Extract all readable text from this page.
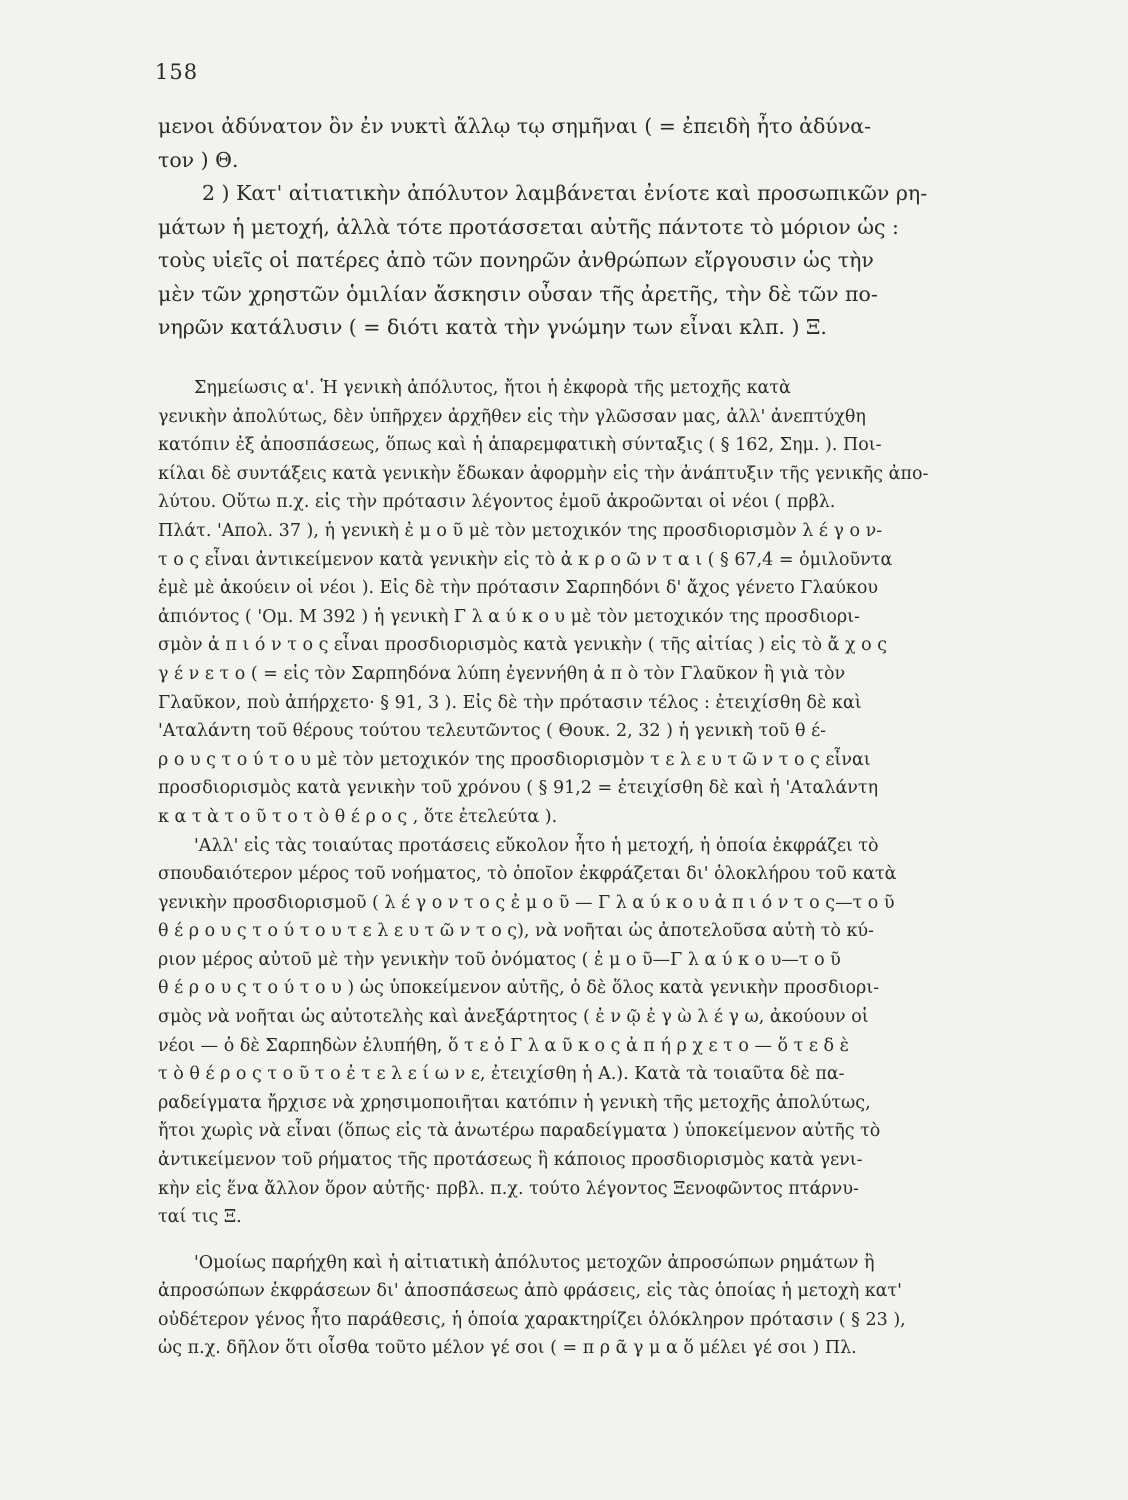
158
μενοι ἀδύνατον ὂν ἐν νυκτὶ ἄλλῳ τῳ σημῆναι ( = ἐπειδὴ ἦτο ἀδύνα-
τον ) Θ.
2 ) Κατ' αἰτιατικὴν ἀπόλυτον λαμβάνεται ἐνίοτε καὶ προσωπικῶν ρη-
μάτων ἡ μετοχή, ἀλλὰ τότε προτάσσεται αὐτῆς πάντοτε τὸ μόριον ὡς :
τοὺς υἱεῖς οἱ πατέρες ἀπὸ τῶν πονηρῶν ἀνθρώπων εἴργουσιν ὡς τὴν
μὲν τῶν χρηστῶν ὁμιλίαν ἄσκησιν οὖσαν τῆς ἀρετῆς, τὴν δὲ τῶν πο-
νηρῶν κατάλυσιν ( = διότι κατὰ τὴν γνώμην των εἶναι κλπ. ) Ξ.
Σημείωσις α'. Ἡ γενικὴ ἀπόλυτος, ἤτοι ἡ ἐκφορὰ τῆς μετοχῆς κατὰ
γενικὴν ἀπολύτως, δὲν ὑπῆρχεν ἀρχῆθεν εἰς τὴν γλῶσσαν μας, ἀλλ' ἀνεπτύχθη
κατόπιν ἐξ ἀποσπάσεως, ὅπως καὶ ἡ ἀπαρεμφατικὴ σύνταξις ( § 162, Σημ. ). Ποι-
κίλαι δὲ συντάξεις κατὰ γενικὴν ἔδωκαν ἀφορμὴν εἰς τὴν ἀνάπτυξιν τῆς γενικῆς ἀπο-
λύτου. Οὕτω π.χ. εἰς τὴν πρότασιν λέγοντος ἐμοῦ ἀκροῶνται οἱ νέοι ( πρβλ.
Πλάτ. 'Απολ. 37 ), ἡ γενικὴ ἐ μ ο ῦ μὲ τὸν μετοχικόν της προσδιορισμὸν λ έ γ ο ν-
τ ο ς εἶναι ἀντικείμενον κατὰ γενικὴν εἰς τὸ ἀ κ ρ ο ῶ ν τ α ι ( § 67,4 = ὁμιλοῦντα
ἐμὲ μὲ ἀκούειν οἱ νέοι ). Εἰς δὲ τὴν πρότασιν Σαρπηδόνι δ' ἄχος γένετο Γλαύκου
ἀπιόντος ( 'Ομ. Μ 392 ) ἡ γενικὴ Γ λ α ύ κ ο υ μὲ τὸν μετοχικόν της προσδιορι-
σμὸν ἀ π ι ό ν τ ο ς εἶναι προσδιορισμὸς κατὰ γενικὴν ( τῆς αἰτίας ) εἰς τὸ ἄ χ ο ς
γ έ ν ε τ ο ( = εἰς τὸν Σαρπηδόνα λύπη ἐγεννήθη ἀ π ὸ τὸν Γλαῦκον ἢ γιὰ τὸν
Γλαῦκον, ποὺ ἀπήρχετο· § 91, 3 ). Εἰς δὲ τὴν πρότασιν τέλος : ἐτειχίσθη δὲ καὶ
'Αταλάντη τοῦ θέρους τούτου τελευτῶντος ( Θουκ. 2, 32 ) ἡ γενικὴ τοῦ θ έ-
ρ ο υ ς τ ο ύ τ ο υ μὲ τὸν μετοχικόν της προσδιορισμὸν τ ε λ ε υ τ ῶ ν τ ο ς εἶναι
προσδιορισμὸς κατὰ γενικὴν τοῦ χρόνου ( § 91,2 = ἐτειχίσθη δὲ καὶ ἡ 'Αταλάντη
κ α τ ὰ τ ο ῦ τ ο τ ὸ θ έ ρ ο ς , ὅτε ἐτελεύτα ).
'Αλλ' εἰς τὰς τοιαύτας προτάσεις εὔκολον ἦτο ἡ μετοχή, ἡ ὁποία ἐκφράζει τὸ
σπουδαιότερον μέρος τοῦ νοήματος, τὸ ὁποῖον ἐκφράζεται δι' ὁλοκλήρου τοῦ κατὰ
γενικὴν προσδιορισμοῦ ( λ έ γ ο ν τ ο ς ἐ μ ο ῦ — Γ λ α ύ κ ο υ ἀ π ι ό ν τ ο ς—τ ο ῦ
θ έ ρ ο υ ς τ ο ύ τ ο υ τ ε λ ε υ τ ῶ ν τ ο ς), νὰ νοῆται ὡς ἀποτελοῦσα αὐτὴ τὸ κύ-
ριον μέρος αὐτοῦ μὲ τὴν γενικὴν τοῦ ὀνόματος ( ἐ μ ο ῦ—Γ λ α ύ κ ο υ—τ ο ῦ
θ έ ρ ο υ ς τ ο ύ τ ο υ ) ὡς ὑποκείμενον αὐτῆς, ὁ δὲ ὅλος κατὰ γενικὴν προσδιορι-
σμὸς νὰ νοῆται ὡς αὐτοτελὴς καὶ ἀνεξάρτητος ( ἐ ν ῷ ἐ γ ὼ λ έ γ ω, ἀκούουν οἱ
νέοι — ὁ δὲ Σαρπηδὼν ἐλυπήθη, ὅ τ ε ὁ Γ λ α ῦ κ ο ς ἀ π ή ρ χ ε τ ο — ὅ τ ε δ ὲ
τ ὸ θ έ ρ ο ς τ ο ῦ τ ο ἐ τ ε λ ε ί ω ν ε, ἐτειχίσθη ἡ Α.). Κατὰ τὰ τοιαῦτα δὲ πα-
ραδείγματα ἤρχισε νὰ χρησιμοποιῆται κατόπιν ἡ γενικὴ τῆς μετοχῆς ἀπολύτως,
ἤτοι χωρὶς νὰ εἶναι (ὅπως εἰς τὰ ἀνωτέρω παραδείγματα ) ὑποκείμενον αὐτῆς τὸ
ἀντικείμενον τοῦ ρήματος τῆς προτάσεως ἢ κάποιος προσδιορισμὸς κατὰ γενι-
κὴν εἰς ἕνα ἄλλον ὅρον αὐτῆς· πρβλ. π.χ. τούτο λέγοντος Ξενοφῶντος πτάρνυ-
ταί τις Ξ.
'Ομοίως παρήχθη καὶ ἡ αἰτιατικὴ ἀπόλυτος μετοχῶν ἀπροσώπων ρημάτων ἢ
ἀπροσώπων ἐκφράσεων δι' ἀποσπάσεως ἀπὸ φράσεις, εἰς τὰς ὁποίας ἡ μετοχὴ κατ'
οὐδέτερον γένος ἦτο παράθεσις, ἡ ὁποία χαρακτηρίζει ὁλόκληρον πρότασιν ( § 23 ),
ὡς π.χ. δῆλον ὅτι οἶσθα τοῦτο μέλον γέ σοι ( = π ρ ᾶ γ μ α ὅ μέλει γέ σοι ) Πλ.
